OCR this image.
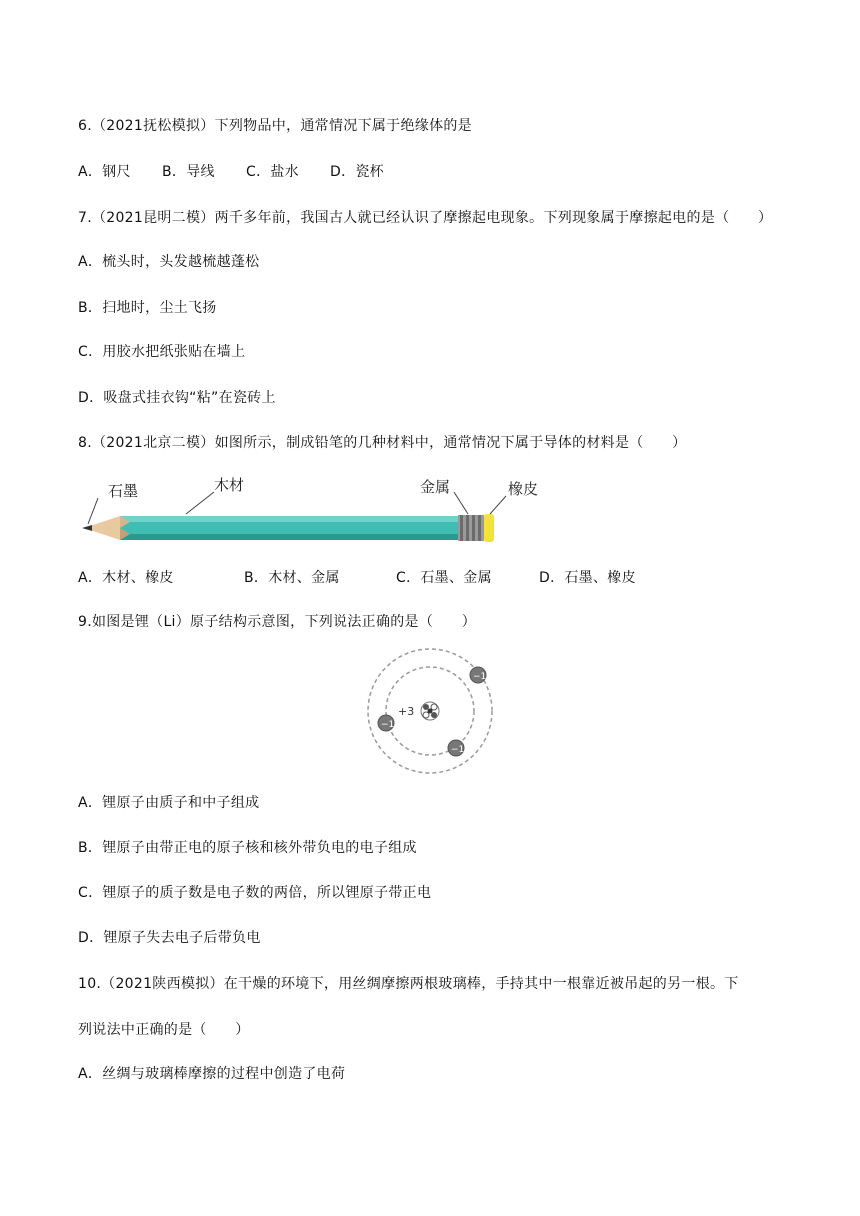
6.（2021抚松模拟）下列物品中，通常情况下属于绝缘体的是
A．钢尺 B．导线 C．盐水 D．瓷杯
7.（2021昆明二模）两千多年前，我国古人就已经认识了摩擦起电现象。下列现象属于摩擦起电的是（　　）
A．梳头时，头发越梳越蓬松
B．扫地时，尘土飞扬
C．用胶水把纸张贴在墙上
D．吸盘式挂衣钩“粘”在瓷砖上
8.（2021北京二模）如图所示，制成铅笔的几种材料中，通常情况下属于导体的材料是（　　）
石墨	木材	金属	橡皮
A．木材、橡皮	B．木材、金属	C．石墨、金属	D．石墨、橡皮
9.如图是锂（Li）原子结构示意图，下列说法正确的是（　　）
+3
−1
−1
−1
A．锂原子由质子和中子组成
B．锂原子由带正电的原子核和核外带负电的电子组成
C．锂原子的质子数是电子数的两倍，所以锂原子带正电
D．锂原子失去电子后带负电
10.（2021陕西模拟）在干燥的环境下，用丝绸摩擦两根玻璃棒，手持其中一根靠近被吊起的另一根。下
列说法中正确的是（　　）
A．丝绸与玻璃棒摩擦的过程中创造了电荷
